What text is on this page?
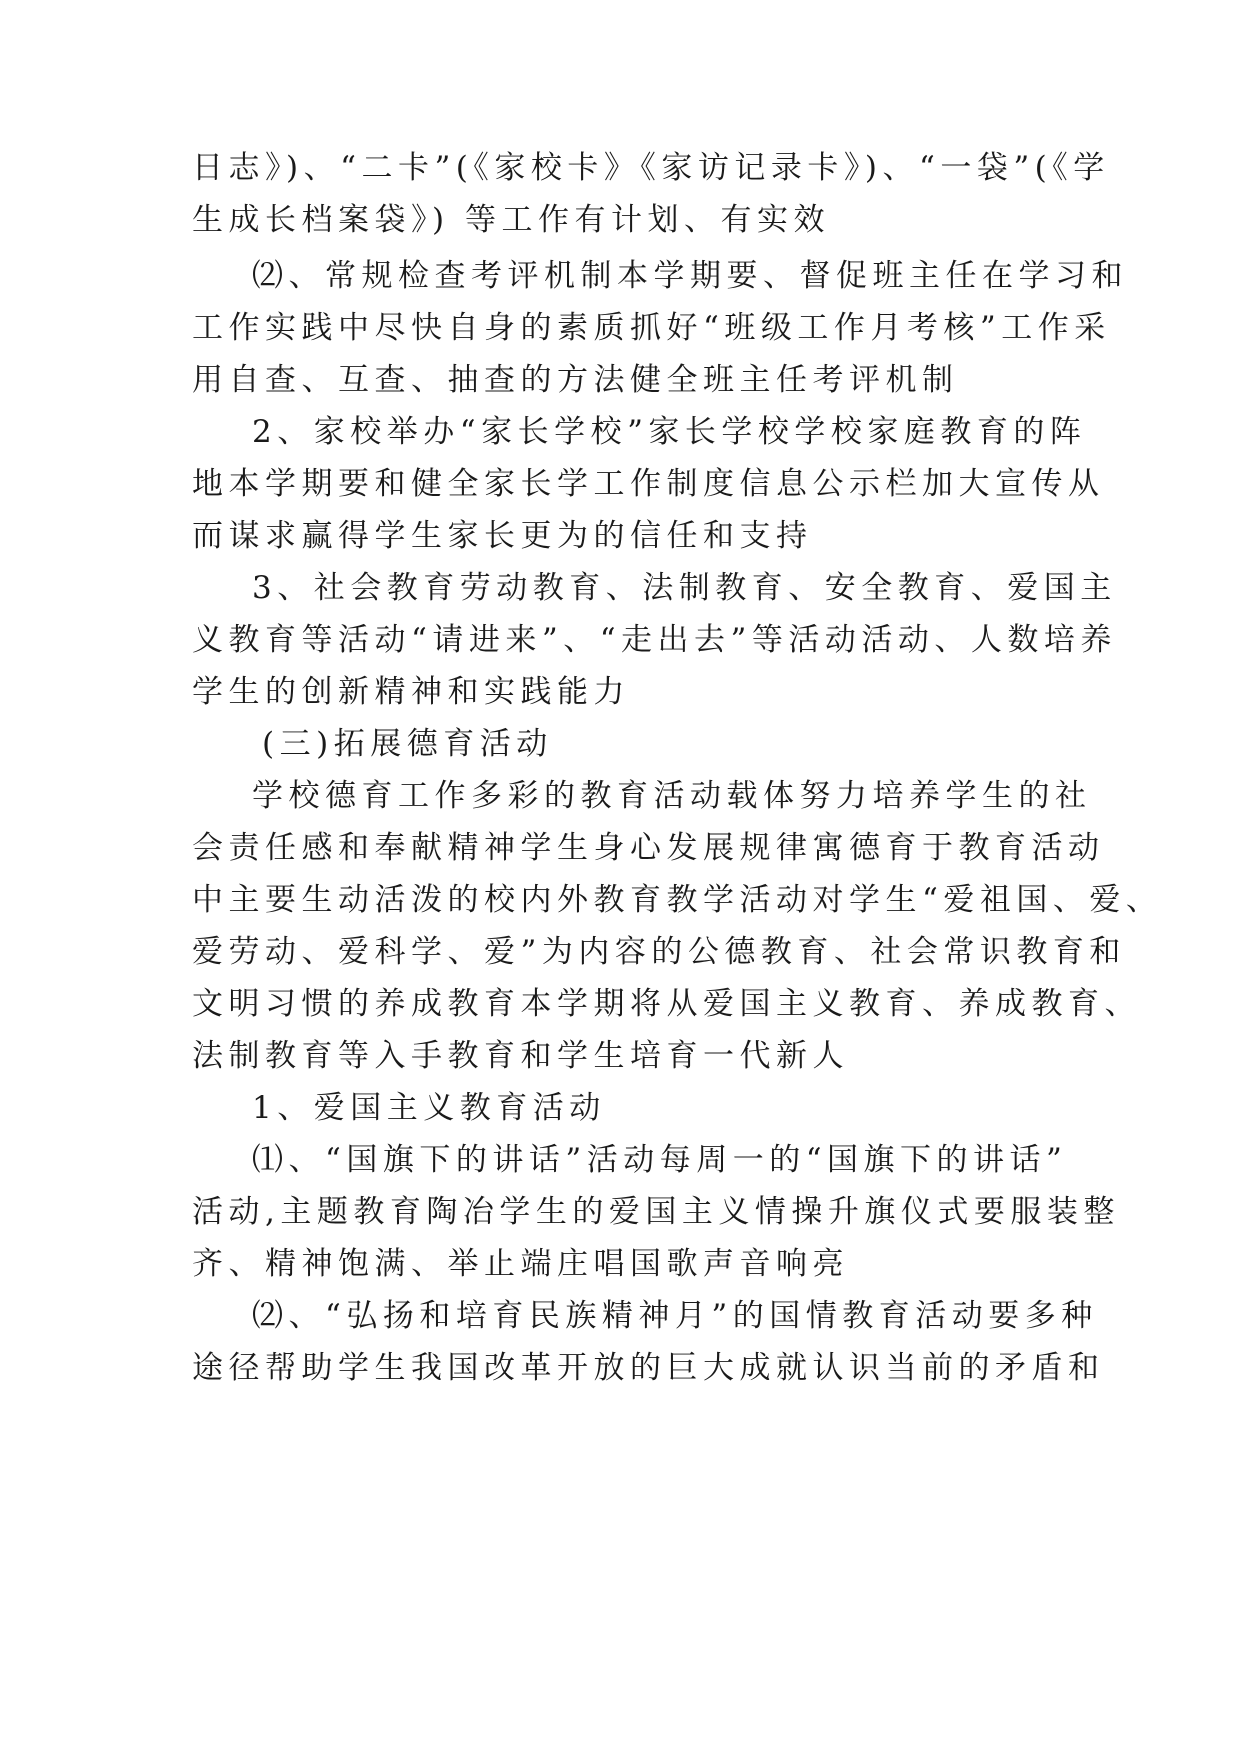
日志》)、“二卡”(《家校卡》《家访记录卡》)、“一袋”(《学
生成长档案袋》) 等工作有计划、有实效
⑵、常规检查考评机制本学期要、督促班主任在学习和
工作实践中尽快自身的素质抓好“班级工作月考核”工作采
用自查、互查、抽查的方法健全班主任考评机制
2、家校举办“家长学校”家长学校学校家庭教育的阵
地本学期要和健全家长学工作制度信息公示栏加大宣传从
而谋求赢得学生家长更为的信任和支持
3、社会教育劳动教育、法制教育、安全教育、爱国主
义教育等活动“请进来”、“走出去”等活动活动、人数培养
学生的创新精神和实践能力
(三)拓展德育活动
学校德育工作多彩的教育活动载体努力培养学生的社
会责任感和奉献精神学生身心发展规律寓德育于教育活动
中主要生动活泼的校内外教育教学活动对学生“爱祖国、爱、
爱劳动、爱科学、爱”为内容的公德教育、社会常识教育和
文明习惯的养成教育本学期将从爱国主义教育、养成教育、
法制教育等入手教育和学生培育一代新人
1、爱国主义教育活动
⑴、“国旗下的讲话”活动每周一的“国旗下的讲话”
活动,主题教育陶冶学生的爱国主义情操升旗仪式要服装整
齐、精神饱满、举止端庄唱国歌声音响亮
⑵、“弘扬和培育民族精神月”的国情教育活动要多种
途径帮助学生我国改革开放的巨大成就认识当前的矛盾和
